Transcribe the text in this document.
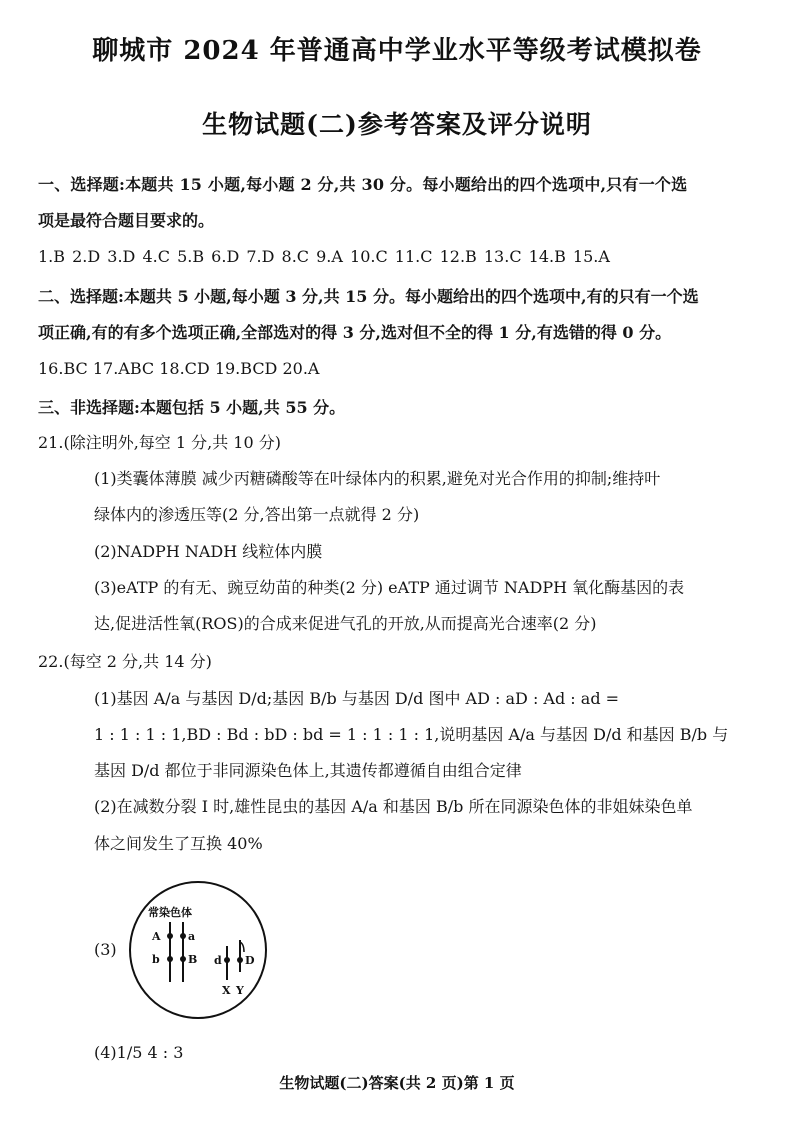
聊城市 2024 年普通高中学业水平等级考试模拟卷
生物试题(二)参考答案及评分说明
一、选择题:本题共 15 小题,每小题 2 分,共 30 分。每小题给出的四个选项中,只有一个选
项是最符合题目要求的。
1.B 2.D 3.D 4.C 5.B 6.D 7.D 8.C 9.A 10.C 11.C 12.B 13.C 14.B 15.A
二、选择题:本题共 5 小题,每小题 3 分,共 15 分。每小题给出的四个选项中,有的只有一个选
项正确,有的有多个选项正确,全部选对的得 3 分,选对但不全的得 1 分,有选错的得 0 分。
16.BC 17.ABC 18.CD 19.BCD 20.A
三、非选择题:本题包括 5 小题,共 55 分。
21.(除注明外,每空 1 分,共 10 分)
(1)类囊体薄膜 减少丙糖磷酸等在叶绿体内的积累,避免对光合作用的抑制;维持叶
绿体内的渗透压等(2 分,答出第一点就得 2 分)
(2)NADPH NADH 线粒体内膜
(3)eATP 的有无、豌豆幼苗的种类(2 分) eATP 通过调节 NADPH 氧化酶基因的表
达,促进活性氧(ROS)的合成来促进气孔的开放,从而提高光合速率(2 分)
22.(每空 2 分,共 14 分)
(1)基因 A/a 与基因 D/d;基因 B/b 与基因 D/d 图中 AD : aD : Ad : ad =
1 : 1 : 1 : 1,BD : Bd : bD : bd = 1 : 1 : 1 : 1,说明基因 A/a 与基因 D/d 和基因 B/b 与
基因 D/d 都位于非同源染色体上,其遗传都遵循自由组合定律
(2)在减数分裂 I 时,雄性昆虫的基因 A/a 和基因 B/b 所在同源染色体的非姐妹染色单
体之间发生了互换 40%
(3)
常染色体
A a
b	B d D
X Y
(4)1/5 4 : 3
生物试题(二)答案(共 2 页)第 1 页
